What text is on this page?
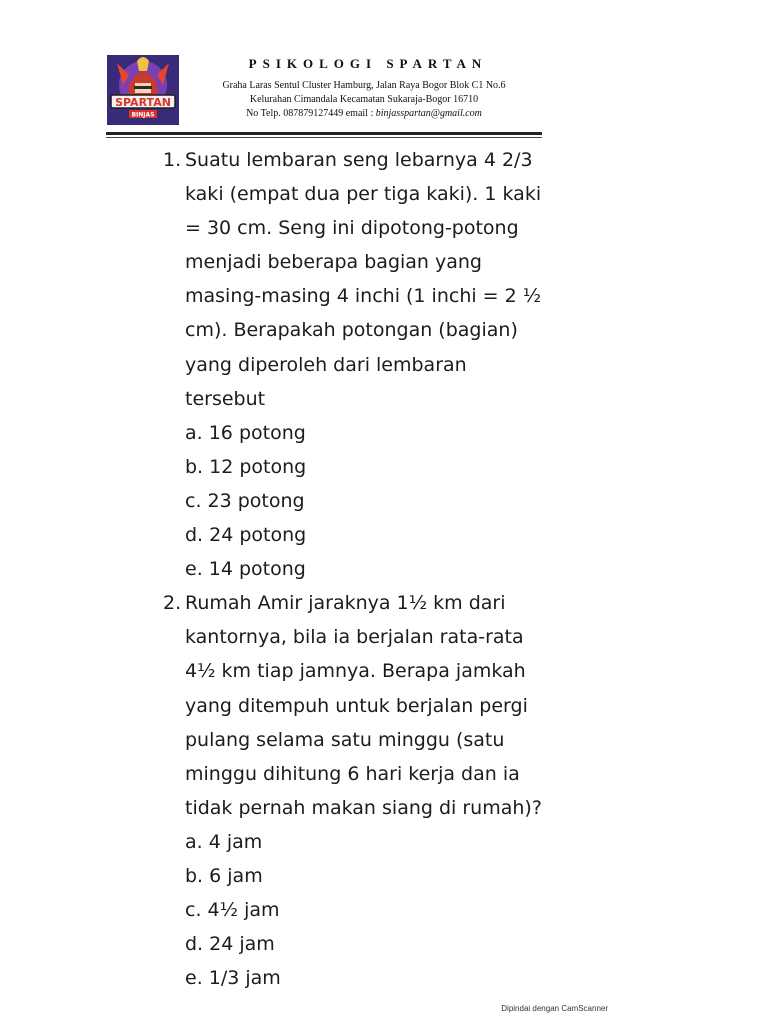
SPARTAN
BINJAS
PSIKOLOGI SPARTAN
Graha Laras Sentul Cluster Hamburg, Jalan Raya Bogor Blok C1 No.6
Kelurahan Cimandala Kecamatan Sukaraja-Bogor 16710
No Telp. 087879127449 email : binjasspartan@gmail.com
1. Suatu lembaran seng lebarnya 4 2/3
kaki (empat dua per tiga kaki). 1 kaki
= 30 cm. Seng ini dipotong-potong
menjadi beberapa bagian yang
masing-masing 4 inchi (1 inchi = 2 ½
cm). Berapakah potongan (bagian)
yang diperoleh dari lembaran
tersebut
a. 16 potong
b. 12 potong
c. 23 potong
d. 24 potong
e. 14 potong
2. Rumah Amir jaraknya 1½ km dari
kantornya, bila ia berjalan rata-rata
4½ km tiap jamnya. Berapa jamkah
yang ditempuh untuk berjalan pergi
pulang selama satu minggu (satu
minggu dihitung 6 hari kerja dan ia
tidak pernah makan siang di rumah)?
a. 4 jam
b. 6 jam
c. 4½ jam
d. 24 jam
e. 1/3 jam
Dipindai dengan CamScanner
